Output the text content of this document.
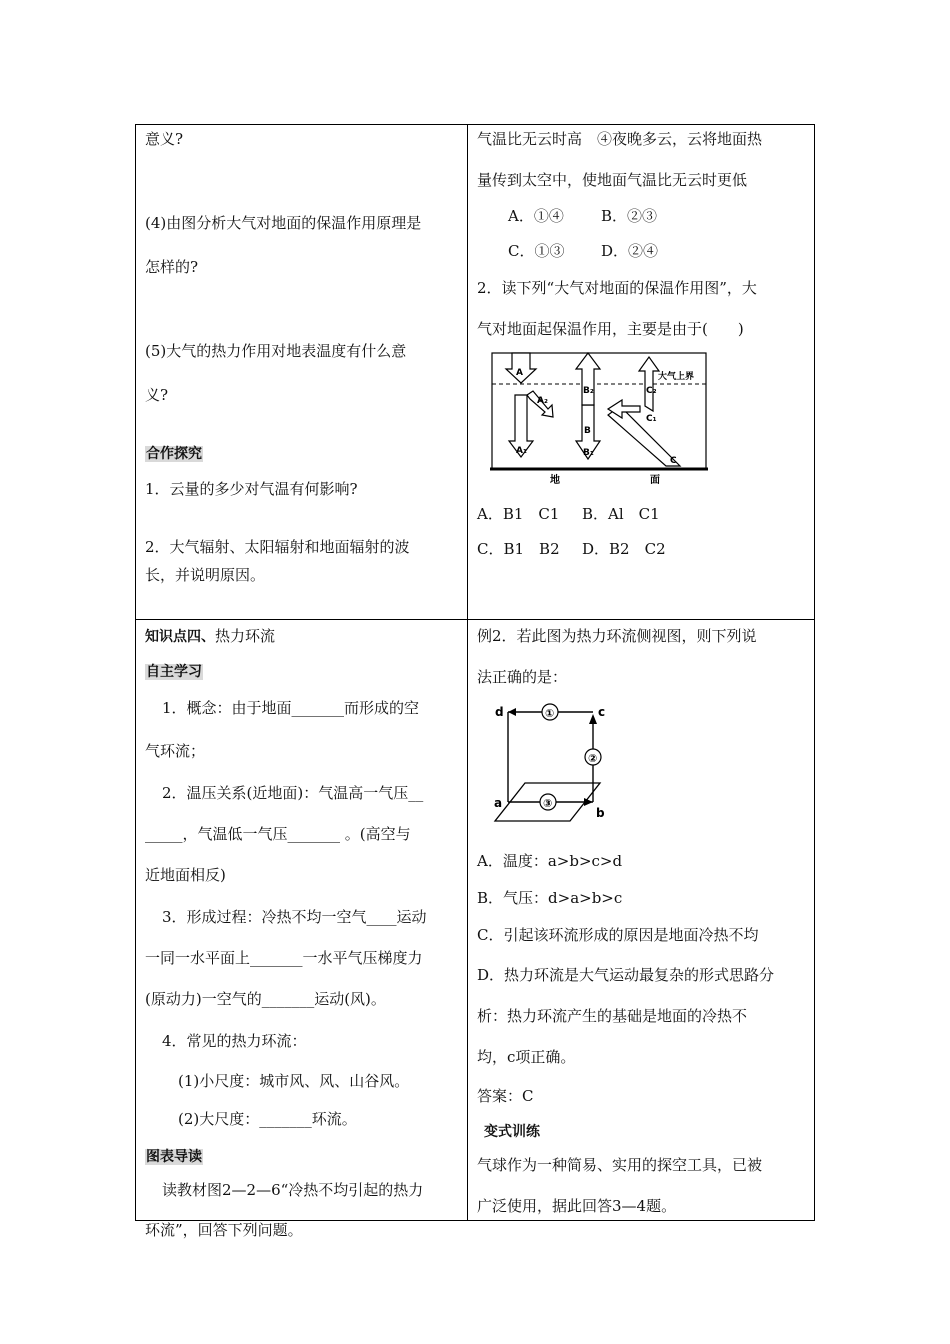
意义?
(4)由图分析大气对地面的保温作用原理是
怎样的?
(5)大气的热力作用对地表温度有什么意
义?
合作探究
1．云量的多少对气温有何影响?
2．大气辐射、太阳辐射和地面辐射的波
长，并说明原因。
气温比无云时高　④夜晚多云，云将地面热
量传到太空中，使地面气温比无云时更低
A．①④ B．②③
C．①③ D．②④
2．读下列“大气对地面的保温作用图”，大
气对地面起保温作用，主要是由于(　　)
大气上界
A
A₁
A₂
B
B₁
B₂
C
C₁
C₂
地	面
A．B1　C1 B．Al　C1
C．B1　B2 D．B2　C2
知识点四、热力环流
自主学习
1．概念：由于地面_______而形成的空
气环流；
2．温压关系(近地面)：气温高一气压__
_____，气温低一气压_______ 。(高空与
近地面相反)
3．形成过程：冷热不均一空气____运动
一同一水平面上_______一水平气压梯度力
(原动力)一空气的_______运动(风)。
4．常见的热力环流：
(1)小尺度：城市风、风、山谷风。
(2)大尺度：_______环流。
图表导读
读教材图2—2—6“冷热不均引起的热力
环流”，回答下列问题。
例2．若此图为热力环流侧视图，则下列说
法正确的是：
①
②
③
d	c
a
b
A．温度：a>b>c>d
B．气压：d>a>b>c
C．引起该环流形成的原因是地面冷热不均
D．热力环流是大气运动最复杂的形式思路分
析：热力环流产生的基础是地面的冷热不
均，c项正确。
答案：C
变式训练
气球作为一种简易、实用的探空工具，已被
广泛使用，据此回答3—4题。
